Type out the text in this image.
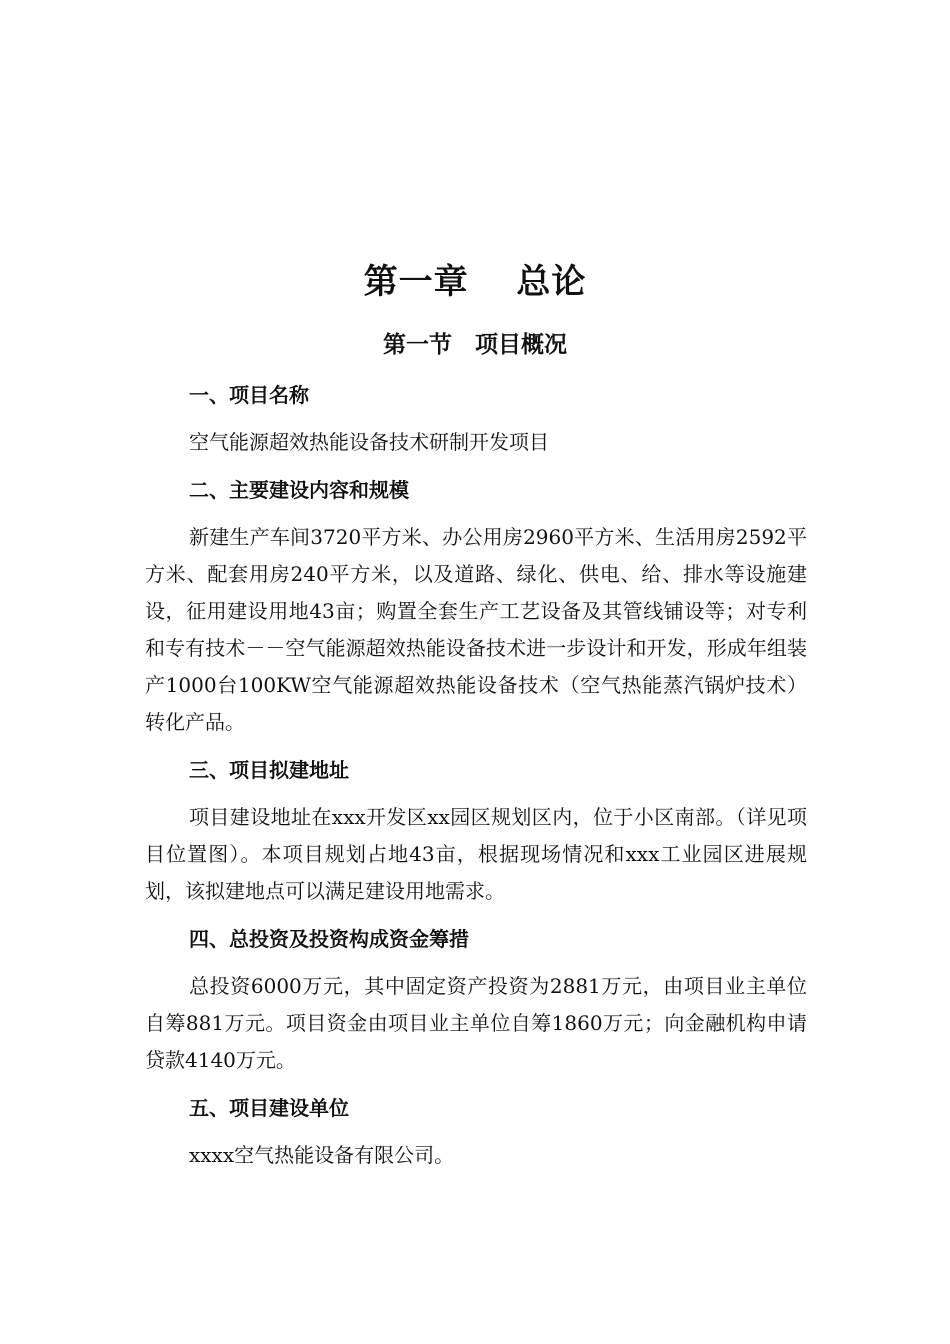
第一章　 总论
第一节　项目概况
一、项目名称

空气能源超效热能设备技术研制开发项目

二、主要建设内容和规模

新建生产车间3720平方米、办公用房2960平方米、生活用房2592平方米、配套用房240平方米，以及道路、绿化、供电、给、排水等设施建设，征用建设用地43亩；购置全套生产工艺设备及其管线铺设等；对专利和专有技术－－空气能源超效热能设备技术进一步设计和开发，形成年组装产1000台100KW空气能源超效热能设备技术（空气热能蒸汽锅炉技术）转化产品。

三、项目拟建地址

项目建设地址在xxx开发区xx园区规划区内，位于小区南部。（详见项目位置图）。本项目规划占地43亩，根据现场情况和xxx工业园区进展规划，该拟建地点可以满足建设用地需求。

四、总投资及投资构成资金筹措

总投资6000万元，其中固定资产投资为2881万元，由项目业主单位自筹881万元。项目资金由项目业主单位自筹1860万元；向金融机构申请贷款4140万元。

五、项目建设单位

xxxx空气热能设备有限公司。
